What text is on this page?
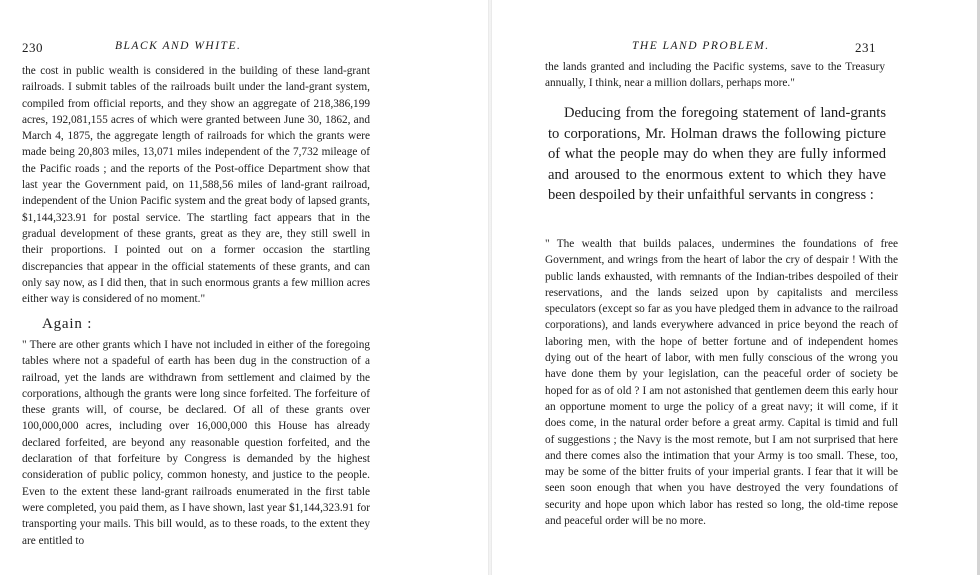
230	BLACK AND WHITE.

the cost in public wealth is considered in the building of these land-grant railroads. I submit tables of the railroads built under the land-grant system, compiled from official reports, and they show an aggregate of 218,386,199 acres, 192,081,155 acres of which were granted between June 30, 1862, and March 4, 1875, the aggregate length of railroads for which the grants were made being 20,803 miles, 13,071 miles independent of the 7,732 mileage of the Pacific roads ; and the reports of the Post-office Department show that last year the Government paid, on 11,588,56 miles of land-grant railroad, independent of the Union Pacific system and the great body of lapsed grants, $1,144,323.91 for postal service. The startling fact appears that in the gradual development of these grants, great as they are, they still swell in their proportions. I pointed out on a former occasion the startling discrepancies that appear in the official statements of these grants, and can only say now, as I did then, that in such enormous grants a few million acres either way is considered of no moment."

Again :

" There are other grants which I have not included in either of the foregoing tables where not a spadeful of earth has been dug in the construction of a railroad, yet the lands are withdrawn from settlement and claimed by the corporations, although the grants were long since forfeited. The forfeiture of these grants will, of course, be declared. Of all of these grants over 100,000,000 acres, including over 16,000,000 this House has already declared forfeited, are beyond any reasonable question forfeited, and the declaration of that forfeiture by Congress is demanded by the highest consideration of public policy, common honesty, and justice to the people. Even to the extent these land-grant railroads enumerated in the first table were completed, you paid them, as I have shown, last year $1,144,323.91 for transporting your mails. This bill would, as to these roads, to the extent they are entitled to

THE LAND PROBLEM.	231

the lands granted and including the Pacific systems, save to the Treasury annually, I think, near a million dollars, perhaps more."

Deducing from the foregoing statement of land-grants to corporations, Mr. Holman draws the following picture of what the people may do when they are fully informed and aroused to the enormous extent to which they have been despoiled by their unfaithful servants in congress :

" The wealth that builds palaces, undermines the foundations of free Government, and wrings from the heart of labor the cry of despair ! With the public lands exhausted, with remnants of the Indian-tribes despoiled of their reservations, and the lands seized upon by capitalists and merciless speculators (except so far as you have pledged them in advance to the railroad corporations), and lands everywhere advanced in price beyond the reach of laboring men, with the hope of better fortune and of independent homes dying out of the heart of labor, with men fully conscious of the wrong you have done them by your legislation, can the peaceful order of society be hoped for as of old ? I am not astonished that gentlemen deem this early hour an opportune moment to urge the policy of a great navy; it will come, if it does come, in the natural order before a great army. Capital is timid and full of suggestions ; the Navy is the most remote, but I am not surprised that here and there comes also the intimation that your Army is too small. These, too, may be some of the bitter fruits of your imperial grants. I fear that it will be seen soon enough that when you have destroyed the very foundations of security and hope upon which labor has rested so long, the old-time repose and peaceful order will be no more.
